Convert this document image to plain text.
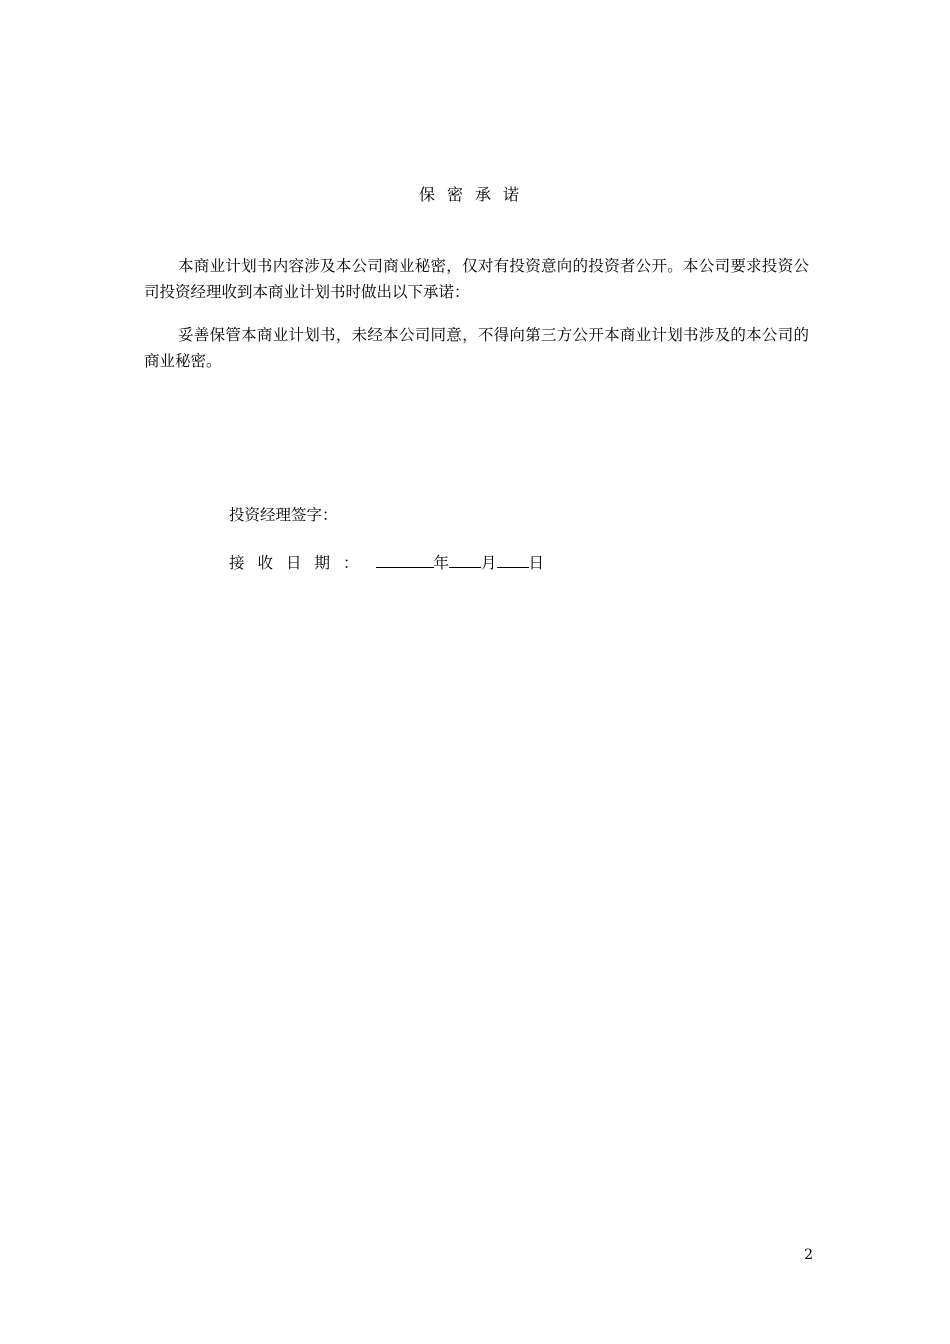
保密承诺

本商业计划书内容涉及本公司商业秘密，仅对有投资意向的投资者公开。本公司要求投资公司投资经理收到本商业计划书时做出以下承诺：

妥善保管本商业计划书，未经本公司同意，不得向第三方公开本商业计划书涉及的本公司的商业秘密。

投资经理签字：
接收日期：	年 月 日
2
